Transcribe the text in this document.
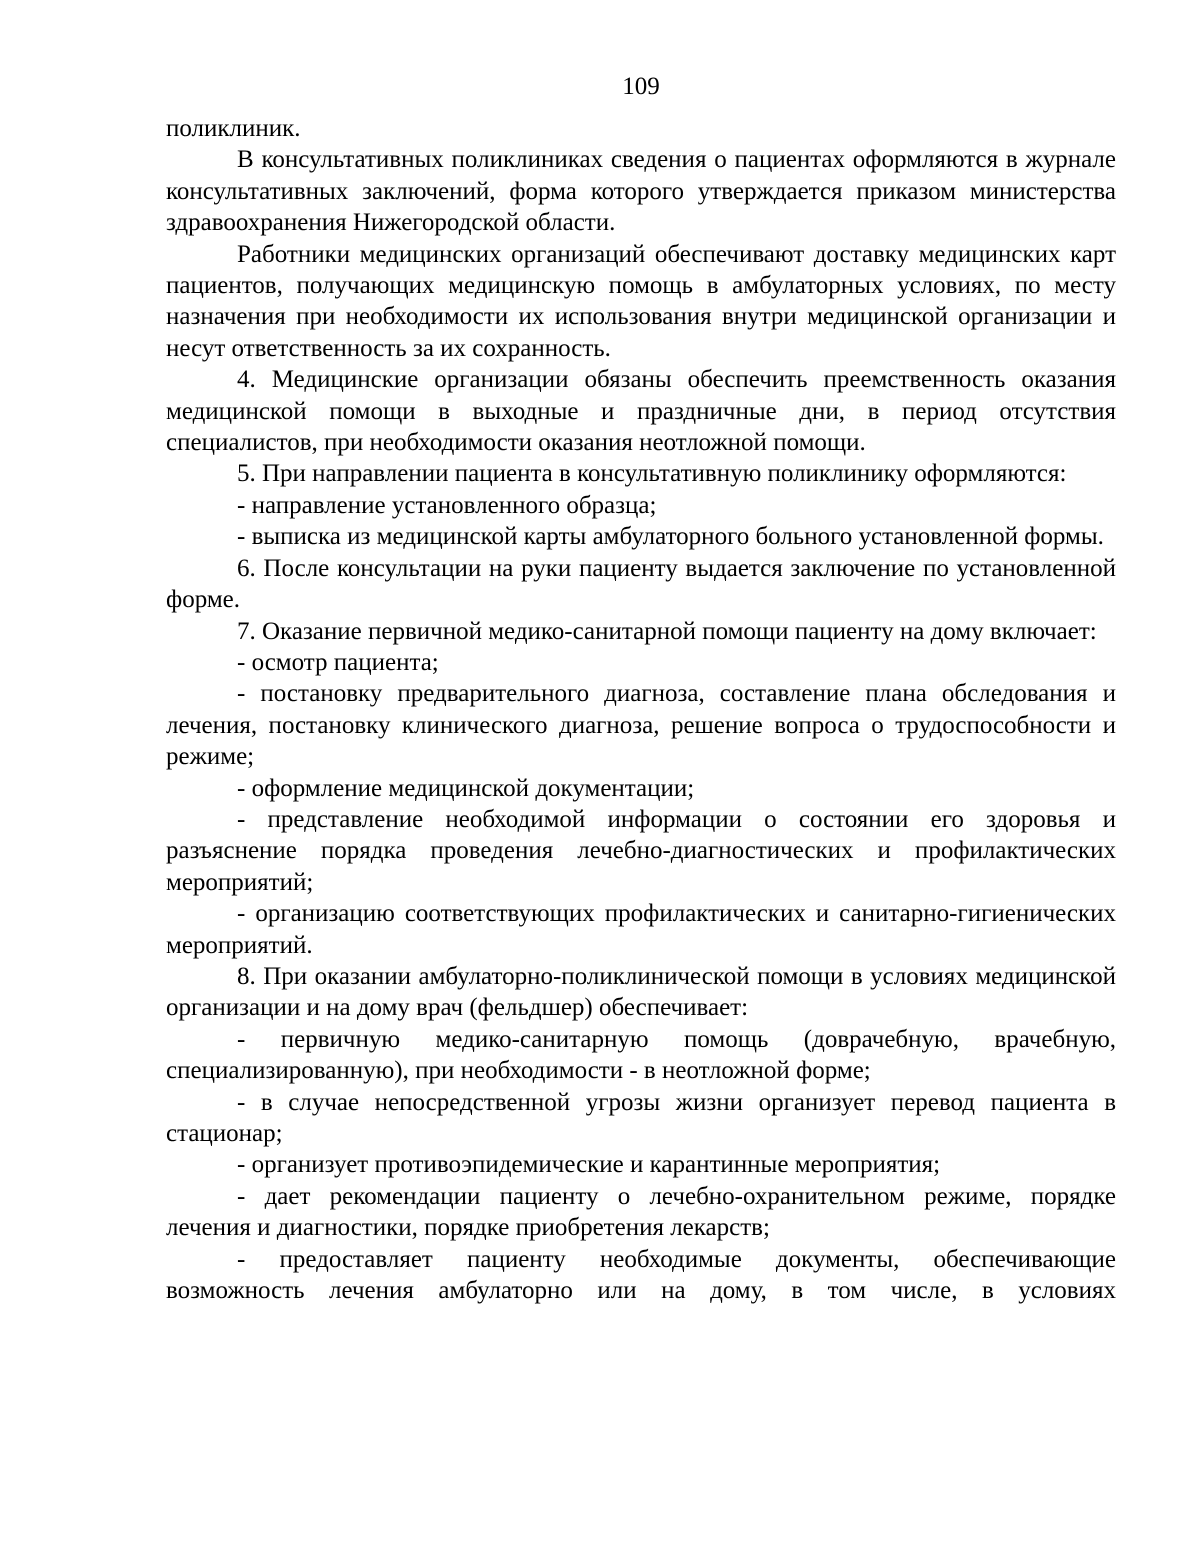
109

поликлиник.

В консультативных поликлиниках сведения о пациентах оформляются в журнале консультативных заключений, форма которого утверждается приказом министерства здравоохранения Нижегородской области.

Работники медицинских организаций обеспечивают доставку медицинских карт пациентов, получающих медицинскую помощь в амбулаторных условиях, по месту назначения при необходимости их использования внутри медицинской организации и несут ответственность за их сохранность.

4. Медицинские организации обязаны обеспечить преемственность оказания медицинской помощи в выходные и праздничные дни, в период отсутствия специалистов, при необходимости оказания неотложной помощи.

5. При направлении пациента в консультативную поликлинику оформляются:

- направление установленного образца;

- выписка из медицинской карты амбулаторного больного установленной формы.

6. После консультации на руки пациенту выдается заключение по установленной форме.

7. Оказание первичной медико-санитарной помощи пациенту на дому включает:

- осмотр пациента;

- постановку предварительного диагноза, составление плана обследования и лечения, постановку клинического диагноза, решение вопроса о трудоспособности и режиме;

- оформление медицинской документации;

- представление необходимой информации о состоянии его здоровья и разъяснение порядка проведения лечебно-диагностических и профилактических мероприятий;

- организацию соответствующих профилактических и санитарно-гигиенических мероприятий.

8. При оказании амбулаторно-поликлинической помощи в условиях медицинской организации и на дому врач (фельдшер) обеспечивает:

- первичную медико-санитарную помощь (доврачебную, врачебную, специализированную), при необходимости - в неотложной форме;

- в случае непосредственной угрозы жизни организует перевод пациента в стационар;

- организует противоэпидемические и карантинные мероприятия;

- дает рекомендации пациенту о лечебно-охранительном режиме, порядке лечения и диагностики, порядке приобретения лекарств;

- предоставляет пациенту необходимые документы, обеспечивающие возможность лечения амбулаторно или на дому, в том числе, в условиях
